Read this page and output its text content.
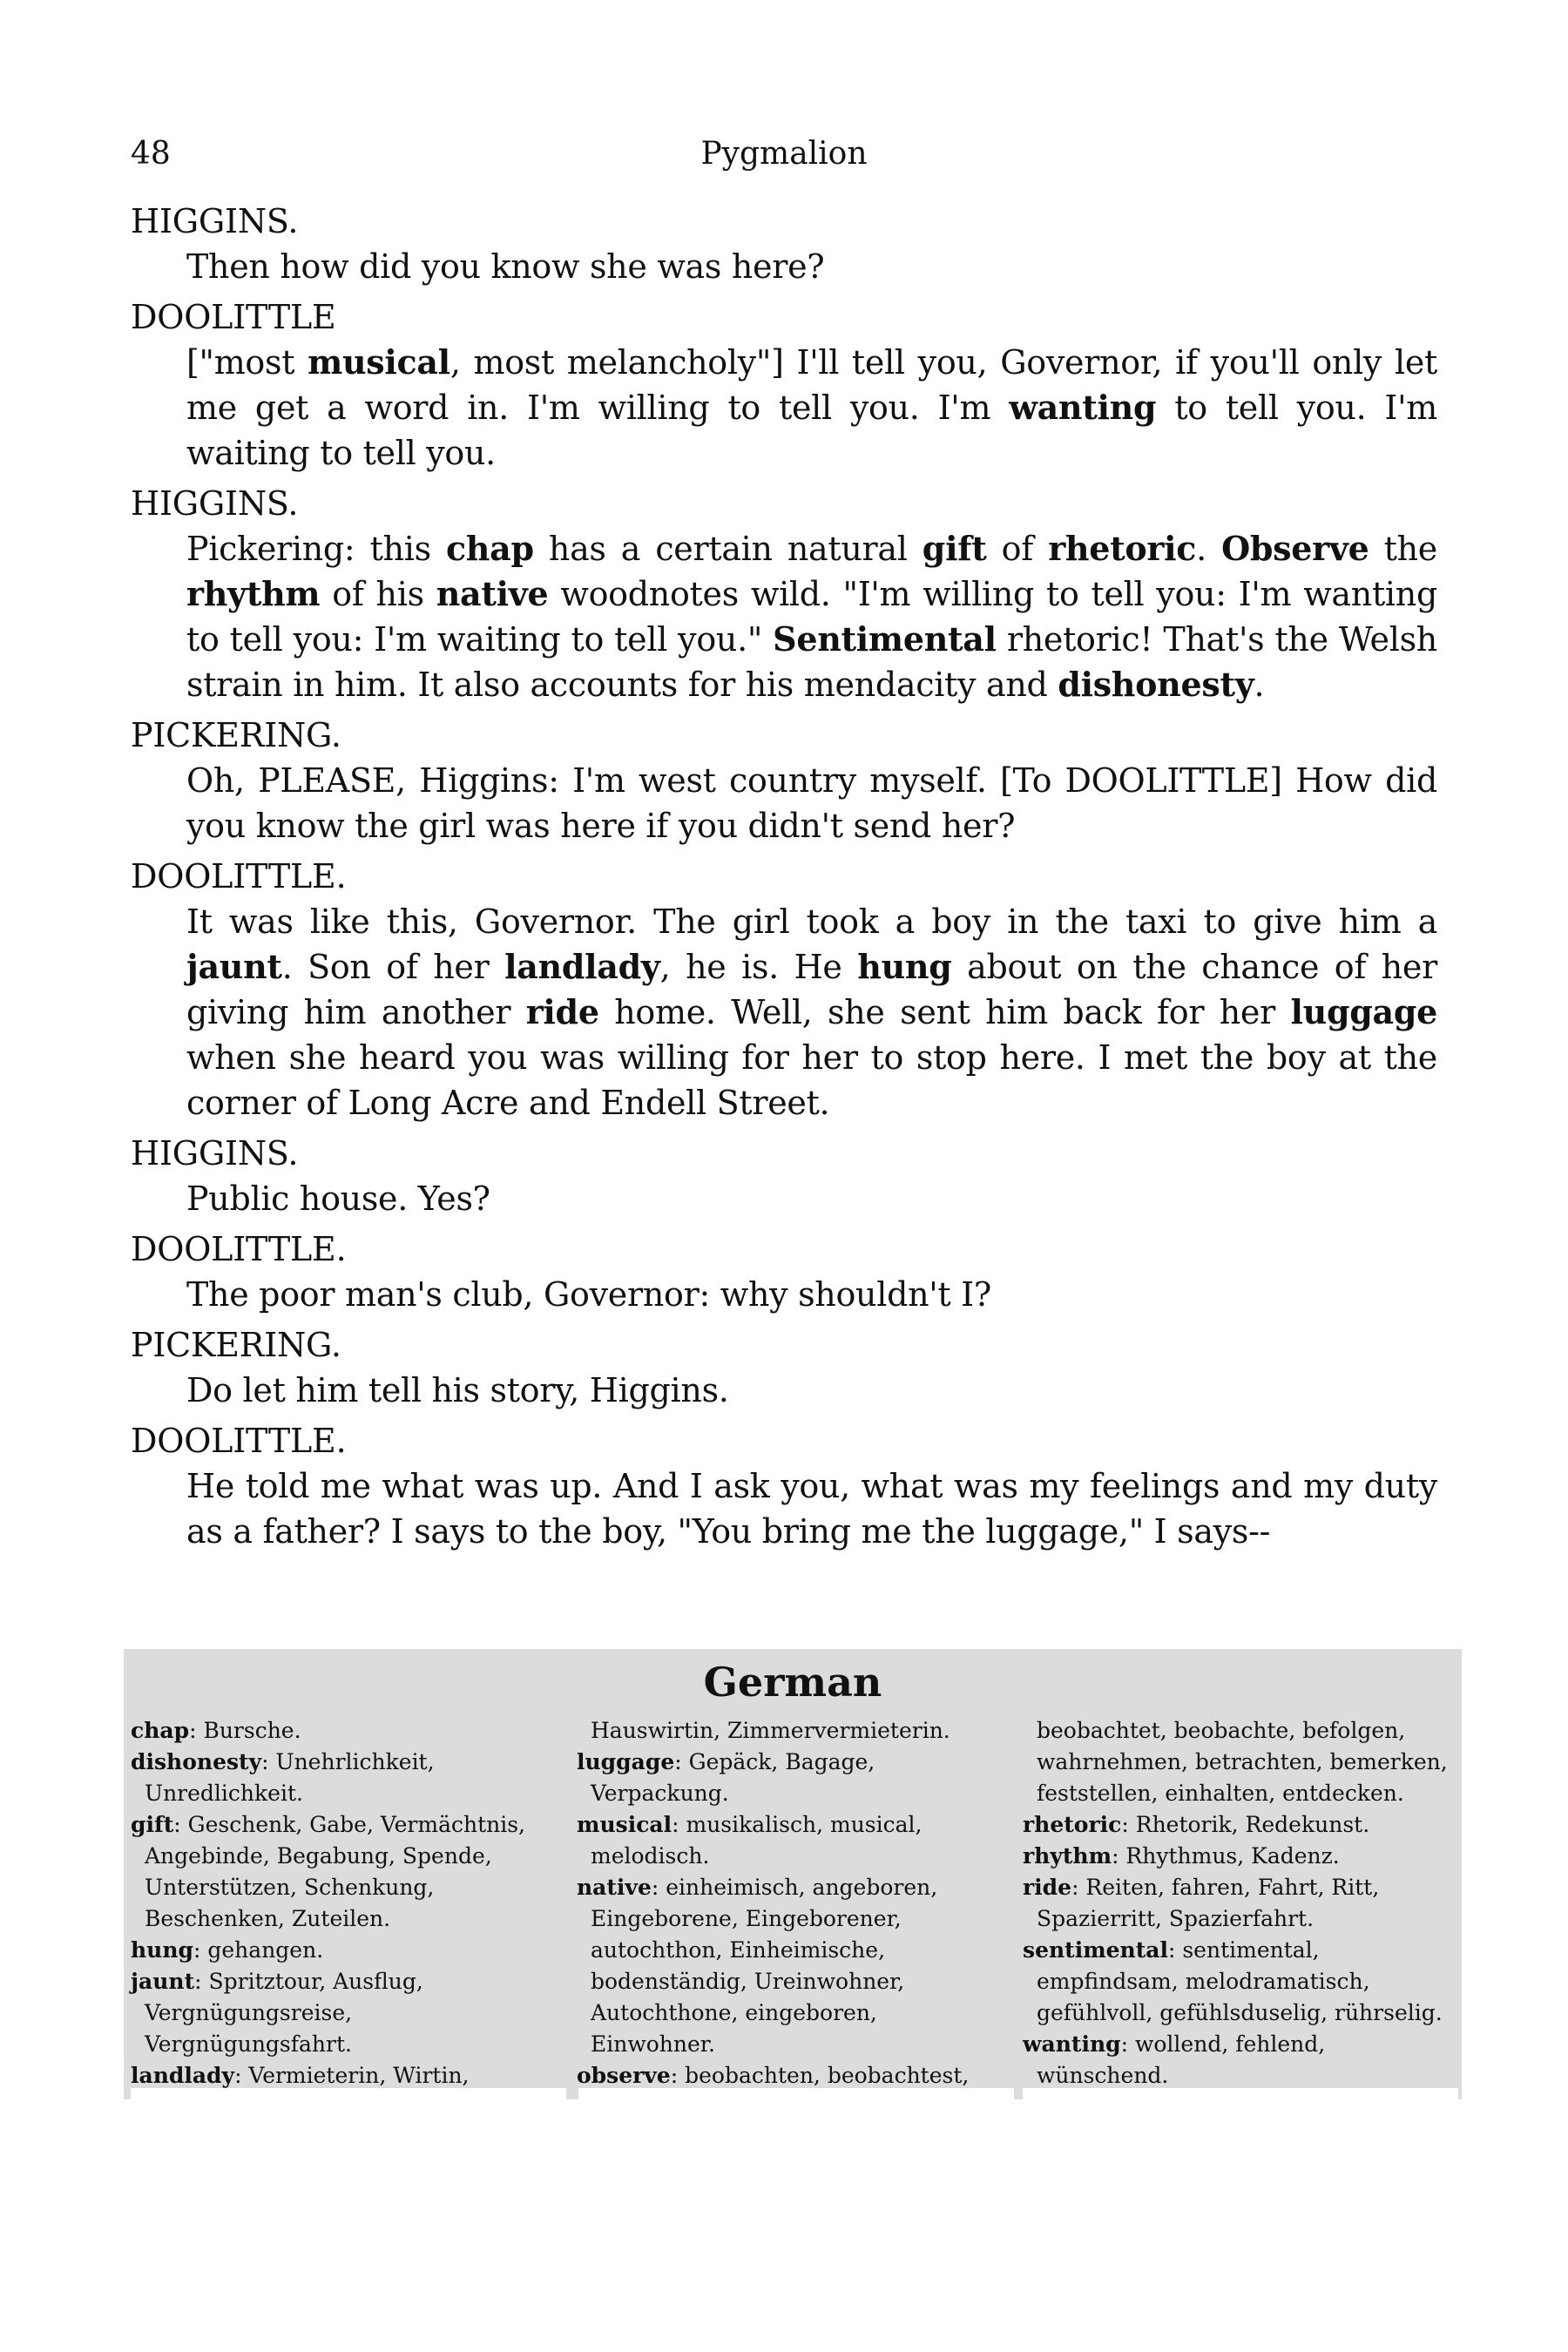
48	Pygmalion
HIGGINS.
Then how did you know she was here?
DOOLITTLE
["most musical, most melancholy"] I'll tell you, Governor, if you'll only let me get a word in. I'm willing to tell you. I'm wanting to tell you. I'm waiting to tell you.
HIGGINS.
Pickering: this chap has a certain natural gift of rhetoric. Observe the rhythm of his native woodnotes wild. "I'm willing to tell you: I'm wanting to tell you: I'm waiting to tell you." Sentimental rhetoric! That's the Welsh strain in him. It also accounts for his mendacity and dishonesty.
PICKERING.
Oh, PLEASE, Higgins: I'm west country myself. [To DOOLITTLE] How did you know the girl was here if you didn't send her?
DOOLITTLE.
It was like this, Governor. The girl took a boy in the taxi to give him a jaunt. Son of her landlady, he is. He hung about on the chance of her giving him another ride home. Well, she sent him back for her luggage when she heard you was willing for her to stop here. I met the boy at the corner of Long Acre and Endell Street.
HIGGINS.
Public house. Yes?
DOOLITTLE.
The poor man's club, Governor: why shouldn't I?
PICKERING.
Do let him tell his story, Higgins.
DOOLITTLE.
He told me what was up. And I ask you, what was my feelings and my duty as a father? I says to the boy, "You bring me the luggage," I says--
German
chap: Bursche.
dishonesty: Unehrlichkeit, Unredlichkeit.
gift: Geschenk, Gabe, Vermächtnis, Angebinde, Begabung, Spende, Unterstützen, Schenkung, Beschenken, Zuteilen.
hung: gehangen.
jaunt: Spritztour, Ausflug, Vergnügungsreise, Vergnügungsfahrt.
landlady: Vermieterin, Wirtin,
Hauswirtin, Zimmervermieterin.
luggage: Gepäck, Bagage, Verpackung.
musical: musikalisch, musical, melodisch.
native: einheimisch, angeboren, Eingeborene, Eingeborener, autochthon, Einheimische, bodenständig, Ureinwohner, Autochthone, eingeboren, Einwohner.
observe: beobachten, beobachtest,
beobachtet, beobachte, befolgen, wahrnehmen, betrachten, bemerken, feststellen, einhalten, entdecken.
rhetoric: Rhetorik, Redekunst.
rhythm: Rhythmus, Kadenz.
ride: Reiten, fahren, Fahrt, Ritt, Spazierritt, Spazierfahrt.
sentimental: sentimental, empfindsam, melodramatisch, gefühlvoll, gefühlsduselig, rührselig.
wanting: wollend, fehlend, wünschend.
